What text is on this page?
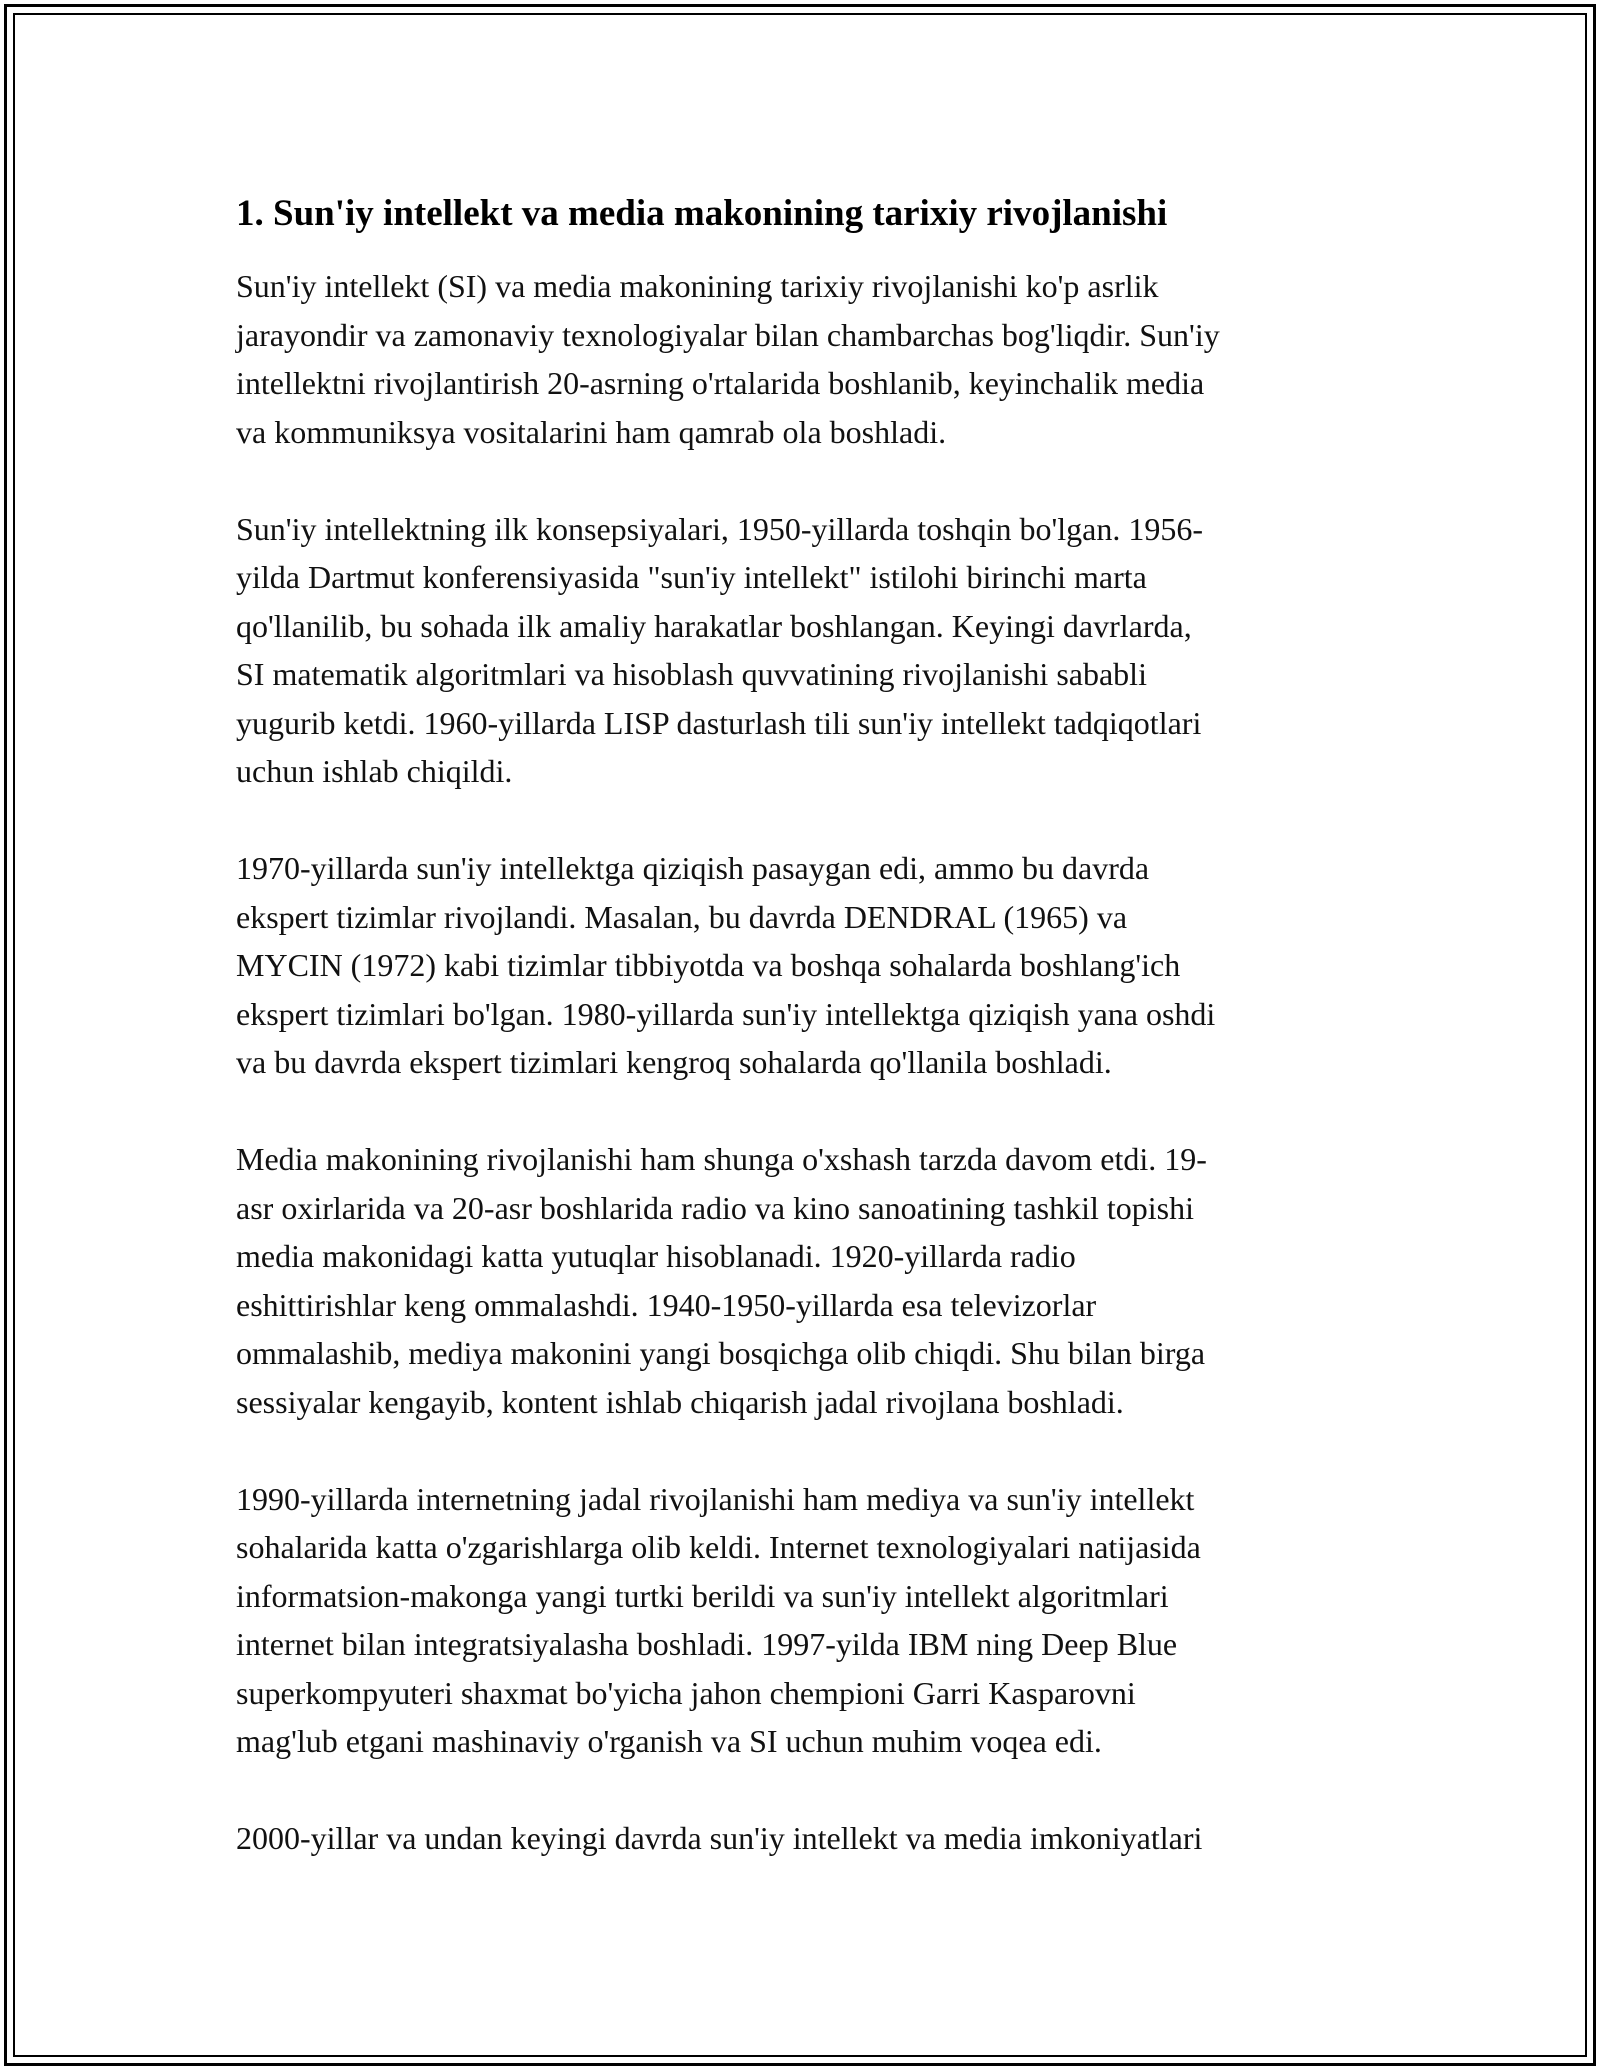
1. Sun'iy intellekt va media makonining tarixiy rivojlanishi
Sun'iy intellekt (SI) va media makonining tarixiy rivojlanishi ko'p asrlik
jarayondir va zamonaviy texnologiyalar bilan chambarchas bog'liqdir. Sun'iy
intellektni rivojlantirish 20-asrning o'rtalarida boshlanib, keyinchalik media
va kommuniksya vositalarini ham qamrab ola boshladi.
Sun'iy intellektning ilk konsepsiyalari, 1950-yillarda toshqin bo'lgan. 1956-
yilda Dartmut konferensiyasida "sun'iy intellekt" istilohi birinchi marta
qo'llanilib, bu sohada ilk amaliy harakatlar boshlangan. Keyingi davrlarda,
SI matematik algoritmlari va hisoblash quvvatining rivojlanishi sababli
yugurib ketdi. 1960-yillarda LISP dasturlash tili sun'iy intellekt tadqiqotlari
uchun ishlab chiqildi.
1970-yillarda sun'iy intellektga qiziqish pasaygan edi, ammo bu davrda
ekspert tizimlar rivojlandi. Masalan, bu davrda DENDRAL (1965) va
MYCIN (1972) kabi tizimlar tibbiyotda va boshqa sohalarda boshlang'ich
ekspert tizimlari bo'lgan. 1980-yillarda sun'iy intellektga qiziqish yana oshdi
va bu davrda ekspert tizimlari kengroq sohalarda qo'llanila boshladi.
Media makonining rivojlanishi ham shunga o'xshash tarzda davom etdi. 19-
asr oxirlarida va 20-asr boshlarida radio va kino sanoatining tashkil topishi
media makonidagi katta yutuqlar hisoblanadi. 1920-yillarda radio
eshittirishlar keng ommalashdi. 1940-1950-yillarda esa televizorlar
ommalashib, mediya makonini yangi bosqichga olib chiqdi. Shu bilan birga
sessiyalar kengayib, kontent ishlab chiqarish jadal rivojlana boshladi.
1990-yillarda internetning jadal rivojlanishi ham mediya va sun'iy intellekt
sohalarida katta o'zgarishlarga olib keldi. Internet texnologiyalari natijasida
informatsion-makonga yangi turtki berildi va sun'iy intellekt algoritmlari
internet bilan integratsiyalasha boshladi. 1997-yilda IBM ning Deep Blue
superkompyuteri shaxmat bo'yicha jahon chempioni Garri Kasparovni
mag'lub etgani mashinaviy o'rganish va SI uchun muhim voqea edi.
2000-yillar va undan keyingi davrda sun'iy intellekt va media imkoniyatlari
